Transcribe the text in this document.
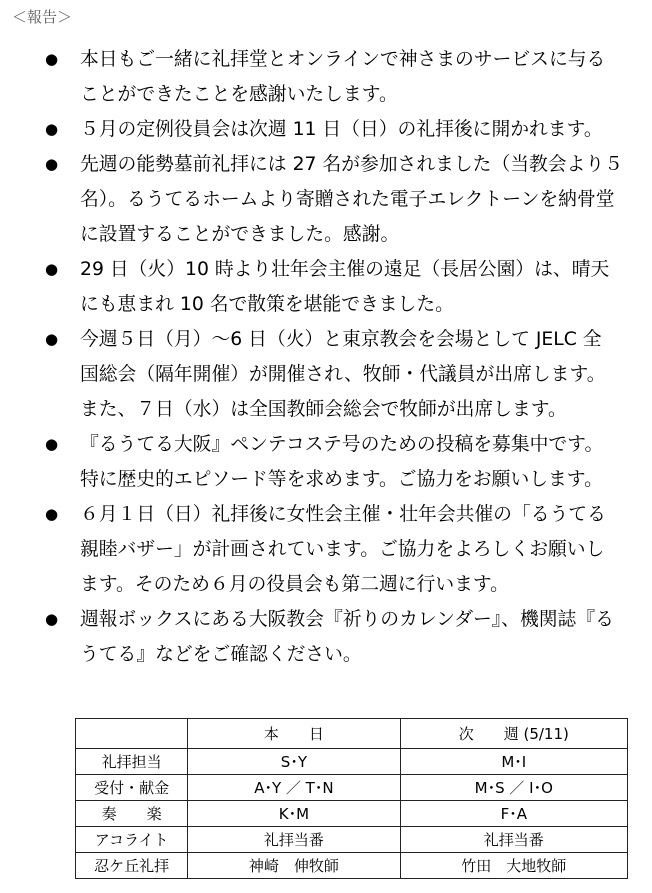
＜報告＞
● 本日もご一緒に礼拝堂とオンラインで神さまのサービスに与る
ことができたことを感謝いたします。
● ５月の定例役員会は次週 11 日（日）の礼拝後に開かれます。
● 先週の能勢墓前礼拝には 27 名が参加されました（当教会より５
名）。るうてるホームより寄贈された電子エレクトーンを納骨堂
に設置することができました。感謝。
● 29 日（火）10 時より壮年会主催の遠足（長居公園）は、晴天
にも恵まれ 10 名で散策を堪能できました。
● 今週５日（月）～6 日（火）と東京教会を会場として JELC 全
国総会（隔年開催）が開催され、牧師・代議員が出席します。
また、７日（水）は全国教師会総会で牧師が出席します。
● 『るうてる大阪』ペンテコステ号のための投稿を募集中です。
特に歴史的エピソード等を求めます。ご協力をお願いします。
● ６月１日（日）礼拝後に女性会主催・壮年会共催の「るうてる
親睦バザー」が計画されています。ご協力をよろしくお願いし
ます。そのため６月の役員会も第二週に行います。
● 週報ボックスにある大阪教会『祈りのカレンダー』、機関誌『る
うてる』などをご確認ください。
	本　　日	次　　週 (5/11)
礼拝担当	S･Y	M･I
受付・献金	A･Y ／ T･N	M･S ／ I･O
奏　　楽	K･M	F･A
アコライト	礼拝当番	礼拝当番
忍ケ丘礼拝	神崎　伸牧師	竹田　大地牧師
